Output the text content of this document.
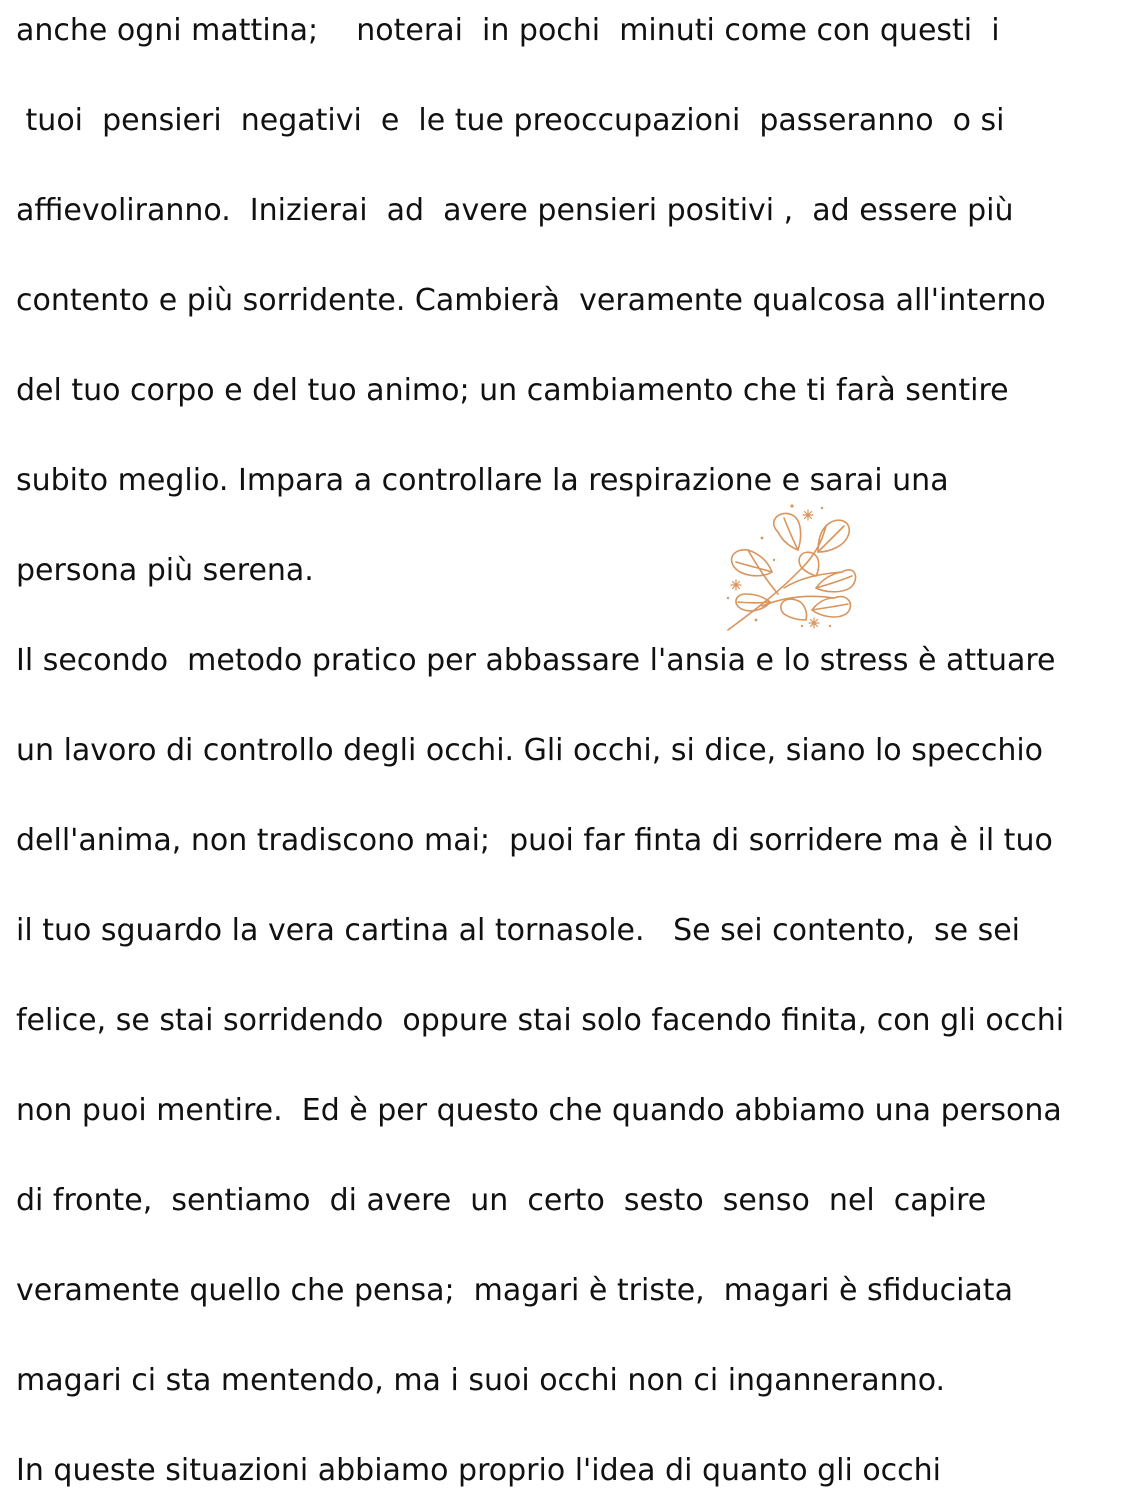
anche ogni mattina;    noterai  in pochi  minuti come con questi  i
tuoi  pensieri  negativi  e  le tue preoccupazioni  passeranno  o si
affievoliranno.  Inizierai  ad  avere pensieri positivi ,  ad essere più
contento e più sorridente. Cambierà  veramente qualcosa all'interno
del tuo corpo e del tuo animo; un cambiamento che ti farà sentire
subito meglio. Impara a controllare la respirazione e sarai una
persona più serena.
Il secondo  metodo pratico per abbassare l'ansia e lo stress è attuare
un lavoro di controllo degli occhi. Gli occhi, si dice, siano lo specchio
dell'anima, non tradiscono mai;  puoi far finta di sorridere ma è il tuo
il tuo sguardo la vera cartina al tornasole.   Se sei contento,  se sei
felice, se stai sorridendo  oppure stai solo facendo finita, con gli occhi
non puoi mentire.  Ed è per questo che quando abbiamo una persona
di fronte,  sentiamo  di avere  un  certo  sesto  senso  nel  capire
veramente quello che pensa;  magari è triste,  magari è sfiduciata
magari ci sta mentendo, ma i suoi occhi non ci inganneranno.
In queste situazioni abbiamo proprio l'idea di quanto gli occhi
